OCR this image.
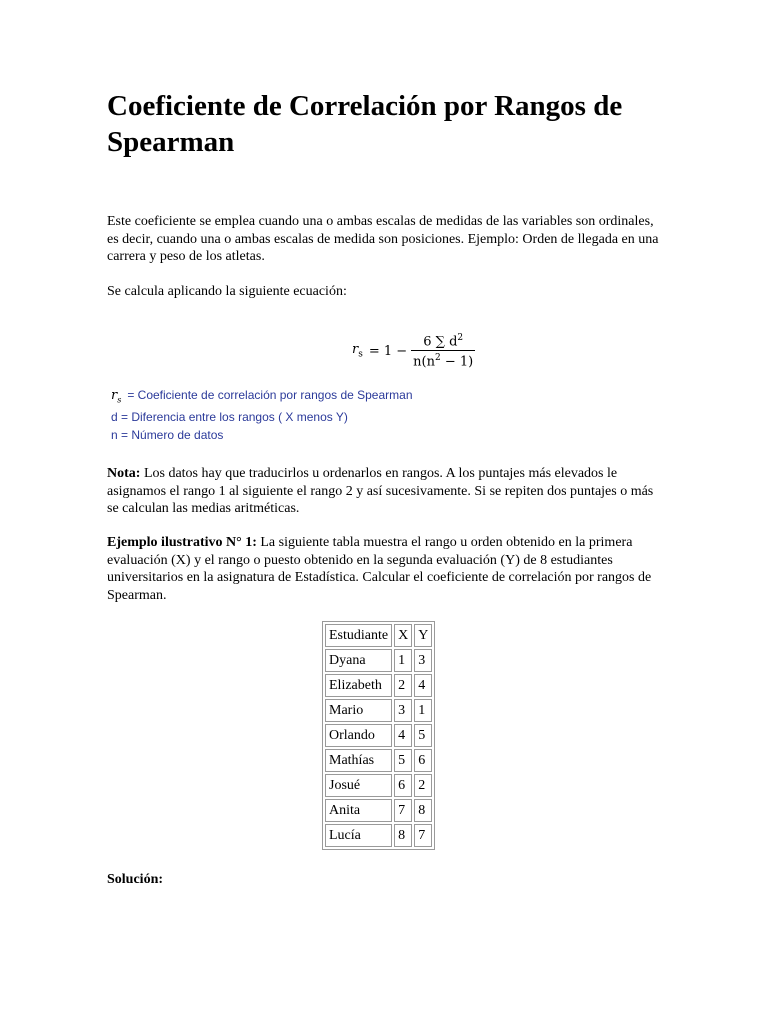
Coeficiente de Correlación por Rangos de Spearman

Este coeficiente se emplea cuando una o ambas escalas de medidas de las variables son ordinales, es decir, cuando una o ambas escalas de medida son posiciones. Ejemplo: Orden de llegada en una carrera y peso de los atletas.

Se calcula aplicando la siguiente ecuación:

$r_s = 1 - \frac{6 \sum d^2}{n(n^2 - 1)}$
$r_s$ = Coeficiente de correlación por rangos de Spearman
d = Diferencia entre los rangos ( X menos Y)
n = Número de datos

Nota: Los datos hay que traducirlos u ordenarlos en rangos. A los puntajes más elevados le asignamos el rango 1 al siguiente el rango 2 y así sucesivamente. Si se repiten dos puntajes o más se calculan las medias aritméticas.

Ejemplo ilustrativo N° 1: La siguiente tabla muestra el rango u orden obtenido en la primera evaluación (X) y el rango o puesto obtenido en la segunda evaluación (Y) de 8 estudiantes universitarios en la asignatura de Estadística. Calcular el coeficiente de correlación por rangos de Spearman.

Estudiante	X	Y
Dyana	1	3
Elizabeth	2	4
Mario	3	1
Orlando	4	5
Mathías	5	6
Josué	6	2
Anita	7	8
Lucía	8	7

Solución:
